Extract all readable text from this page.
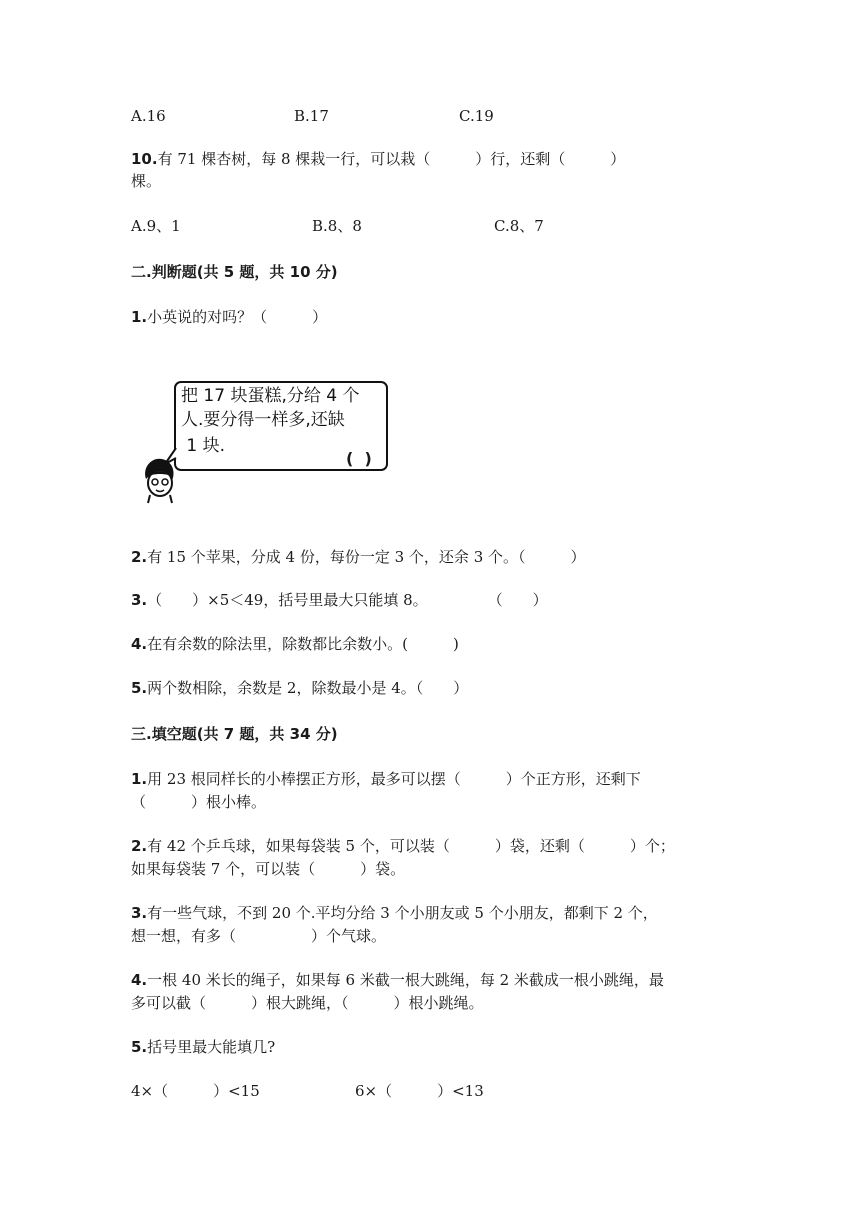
A.16	B.17	C.19
10.有 71 棵杏树，每 8 棵栽一行，可以栽（　　　）行，还剩（　　　）
棵。
A.9、1	B.8、8	C.8、7
二.判断题(共 5 题，共 10 分)
1.小英说的对吗？（　　　）
把 17 块蛋糕,分给 4 个
人.要分得一样多,还缺
1 块.
(  )
2.有 15 个苹果，分成 4 份，每份一定 3 个，还余 3 个。（　　　）
3.（　　）×5＜49，括号里最大只能填 8。　　　　　（　　）
4.在有余数的除法里，除数都比余数小。(　　　)
5.两个数相除，余数是 2，除数最小是 4。（　　）
三.填空题(共 7 题，共 34 分)
1.用 23 根同样长的小棒摆正方形，最多可以摆（　　　）个正方形，还剩下
（　　　）根小棒。
2.有 42 个乒乓球，如果每袋装 5 个，可以装（　　　）袋，还剩（　　　）个；
如果每袋装 7 个，可以装（　　　）袋。
3.有一些气球，不到 20 个.平均分给 3 个小朋友或 5 个小朋友，都剩下 2 个，
想一想，有多（　　　　　）个气球。
4.一根 40 米长的绳子，如果每 6 米截一根大跳绳，每 2 米截成一根小跳绳，最
多可以截（　　　）根大跳绳，（　　　）根小跳绳。
5.括号里最大能填几?
4×（　　　）<15	6×（　　　）<13
